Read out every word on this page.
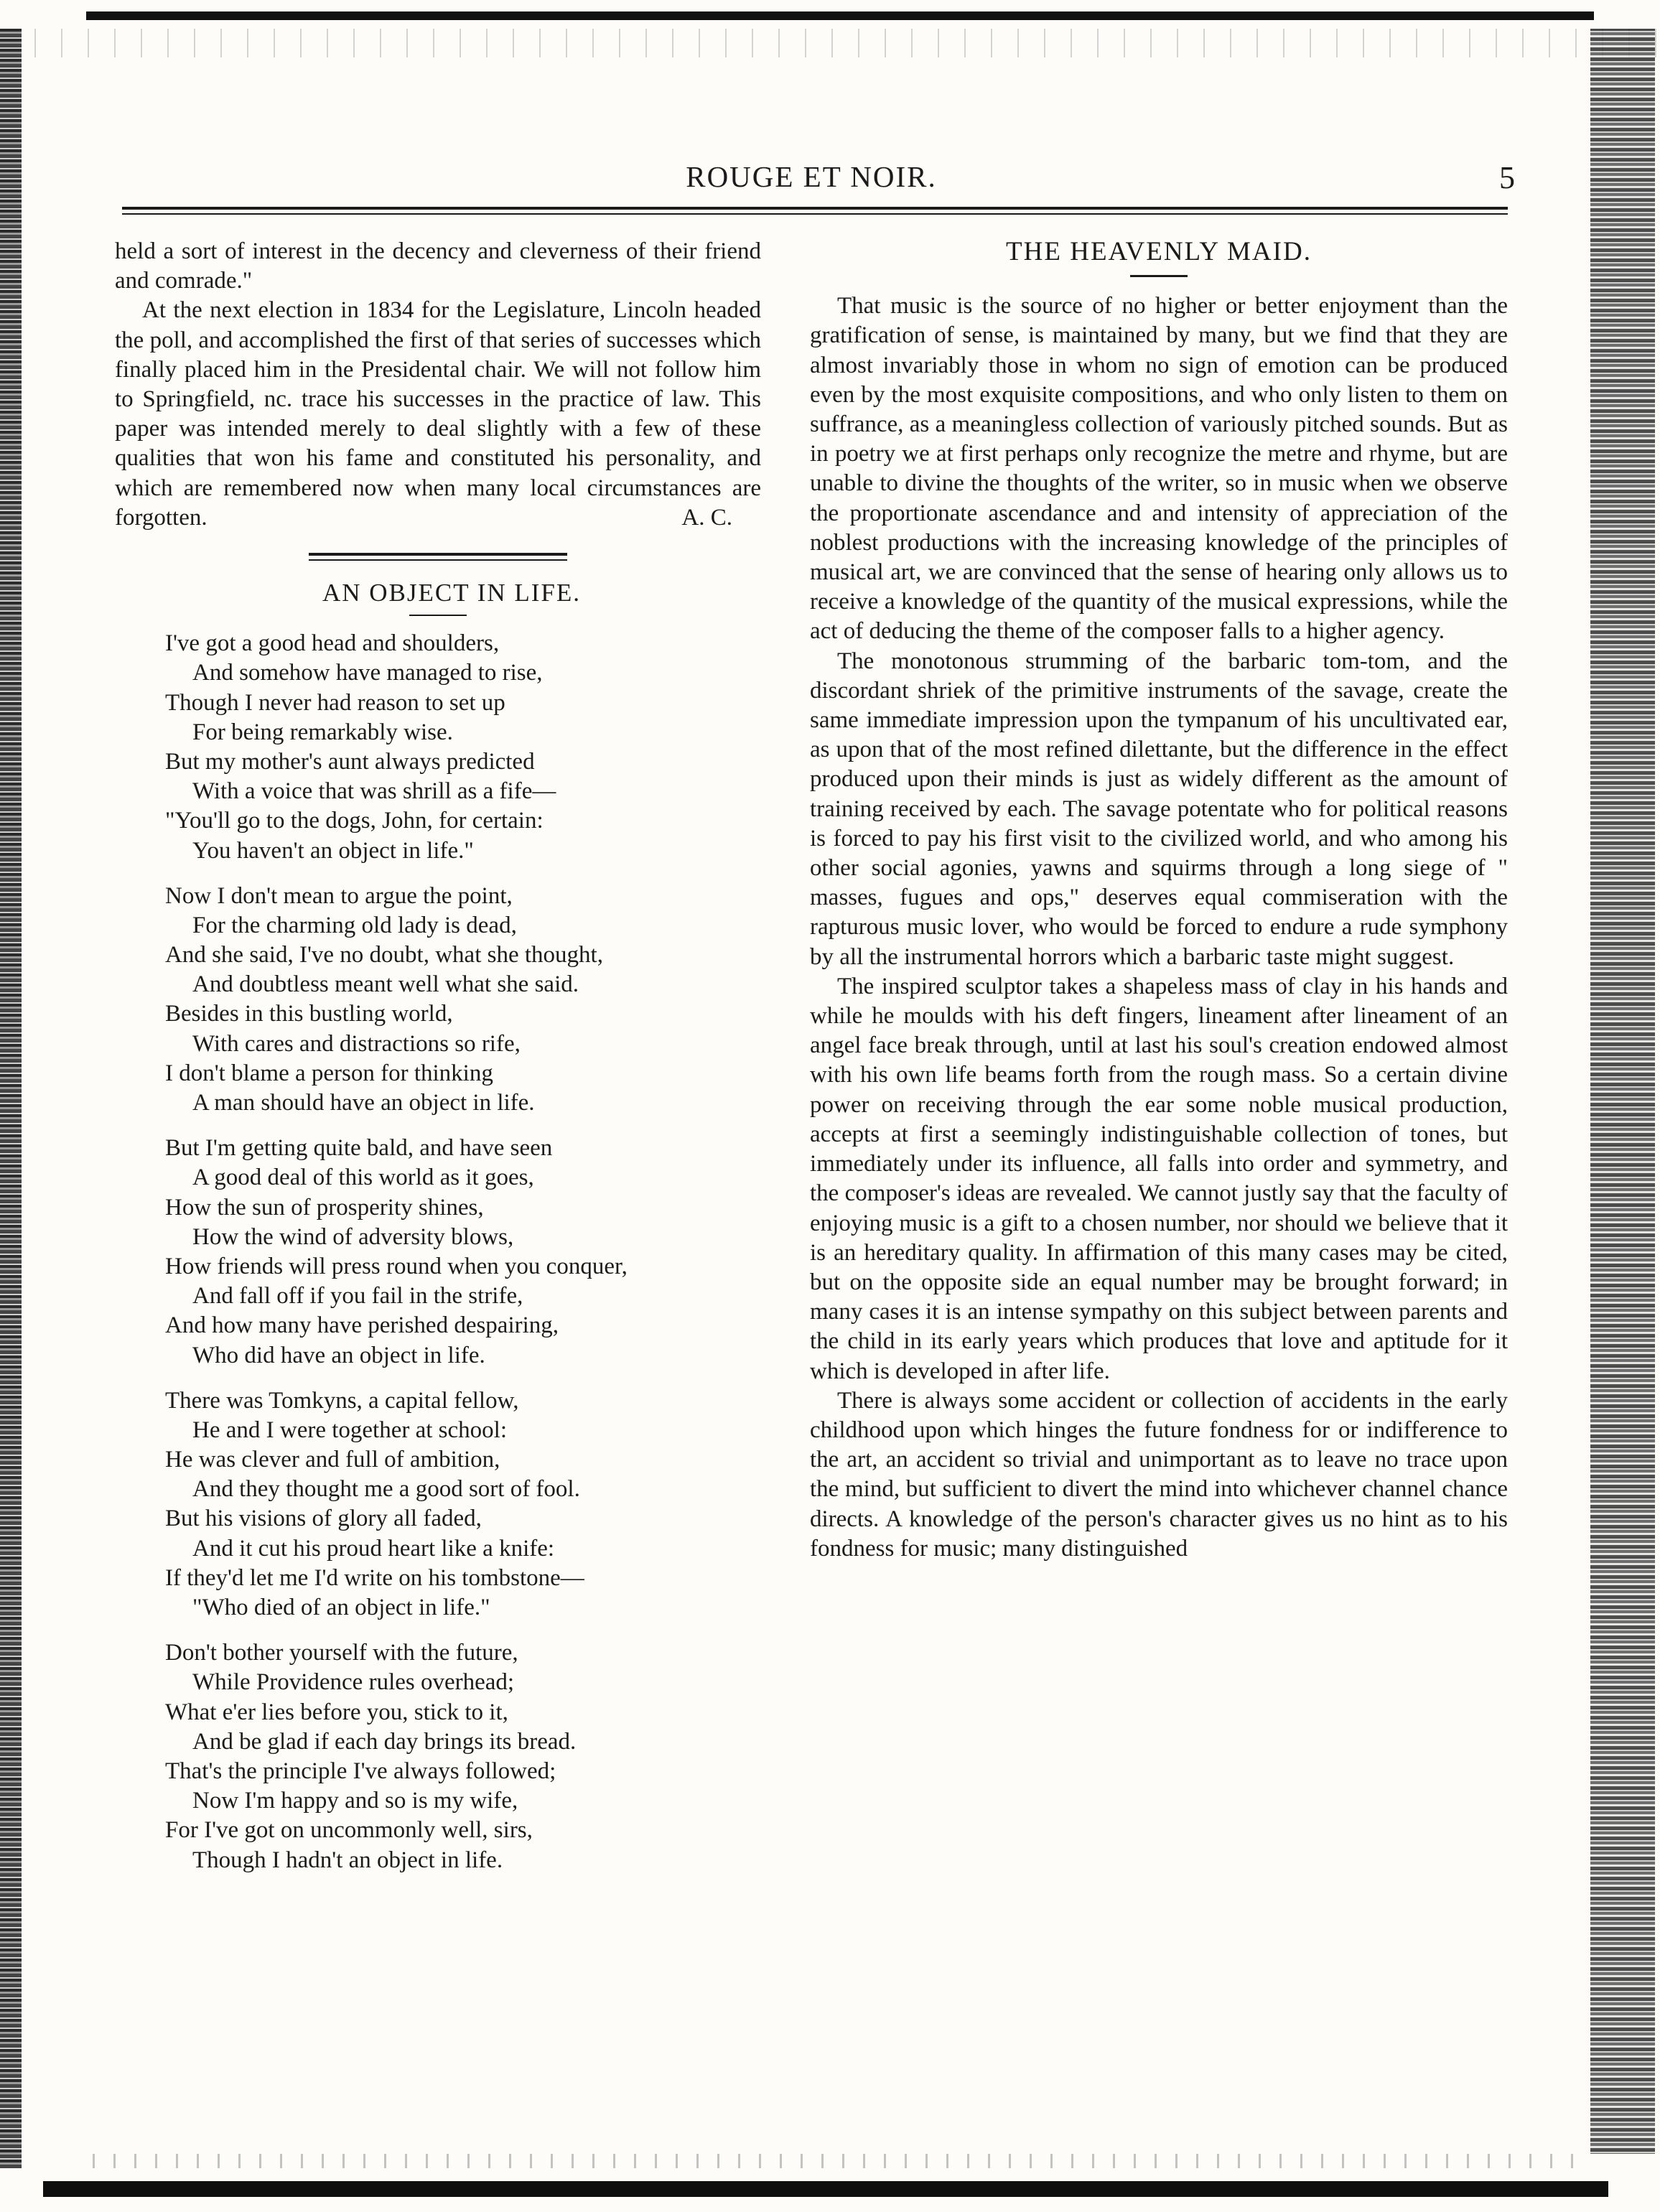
ROUGE ET NOIR.	5

held a sort of interest in the decency and cleverness of their friend and comrade."

At the next election in 1834 for the Legislature, Lincoln headed the poll, and accomplished the first of that series of successes which finally placed him in the Presidental chair. We will not follow him to Springfield, nc. trace his successes in the practice of law. This paper was intended merely to deal slightly with a few of these qualities that won his fame and constituted his personality, and which are remembered now when many local circumstances are forgotten.	A. C.

AN OBJECT IN LIFE.

I've got a good head and shoulders,
And somehow have managed to rise,
Though I never had reason to set up
For being remarkably wise.
But my mother's aunt always predicted
With a voice that was shrill as a fife—
"You'll go to the dogs, John, for certain:
You haven't an object in life."
Now I don't mean to argue the point,
For the charming old lady is dead,
And she said, I've no doubt, what she thought,
And doubtless meant well what she said.
Besides in this bustling world,
With cares and distractions so rife,
I don't blame a person for thinking
A man should have an object in life.
But I'm getting quite bald, and have seen
A good deal of this world as it goes,
How the sun of prosperity shines,
How the wind of adversity blows,
How friends will press round when you conquer,
And fall off if you fail in the strife,
And how many have perished despairing,
Who did have an object in life.
There was Tomkyns, a capital fellow,
He and I were together at school:
He was clever and full of ambition,
And they thought me a good sort of fool.
But his visions of glory all faded,
And it cut his proud heart like a knife:
If they'd let me I'd write on his tombstone—
"Who died of an object in life."
Don't bother yourself with the future,
While Providence rules overhead;
What e'er lies before you, stick to it,
And be glad if each day brings its bread.
That's the principle I've always followed;
Now I'm happy and so is my wife,
For I've got on uncommonly well, sirs,
Though I hadn't an object in life.
THE HEAVENLY MAID.

That music is the source of no higher or better enjoyment than the gratification of sense, is maintained by many, but we find that they are almost invariably those in whom no sign of emotion can be produced even by the most exquisite compositions, and who only listen to them on suffrance, as a meaningless collection of variously pitched sounds. But as in poetry we at first perhaps only recognize the metre and rhyme, but are unable to divine the thoughts of the writer, so in music when we observe the proportionate ascendance and and intensity of appreciation of the noblest productions with the increasing knowledge of the principles of musical art, we are convinced that the sense of hearing only allows us to receive a knowledge of the quantity of the musical expressions, while the act of deducing the theme of the composer falls to a higher agency.

The monotonous strumming of the barbaric tom-tom, and the discordant shriek of the primitive instruments of the savage, create the same immediate impression upon the tympanum of his uncultivated ear, as upon that of the most refined dilettante, but the difference in the effect produced upon their minds is just as widely different as the amount of training received by each. The savage potentate who for political reasons is forced to pay his first visit to the civilized world, and who among his other social agonies, yawns and squirms through a long siege of " masses, fugues and ops," deserves equal commiseration with the rapturous music lover, who would be forced to endure a rude symphony by all the instrumental horrors which a barbaric taste might suggest.

The inspired sculptor takes a shapeless mass of clay in his hands and while he moulds with his deft fingers, lineament after lineament of an angel face break through, until at last his soul's creation endowed almost with his own life beams forth from the rough mass. So a certain divine power on receiving through the ear some noble musical production, accepts at first a seemingly indistinguishable collection of tones, but immediately under its influence, all falls into order and symmetry, and the composer's ideas are revealed. We cannot justly say that the faculty of enjoying music is a gift to a chosen number, nor should we believe that it is an hereditary quality. In affirmation of this many cases may be cited, but on the opposite side an equal number may be brought forward; in many cases it is an intense sympathy on this subject between parents and the child in its early years which produces that love and aptitude for it which is developed in after life.

There is always some accident or collection of accidents in the early childhood upon which hinges the future fondness for or indifference to the art, an accident so trivial and unimportant as to leave no trace upon the mind, but sufficient to divert the mind into whichever channel chance directs. A knowledge of the person's character gives us no hint as to his fondness for music; many distinguished
